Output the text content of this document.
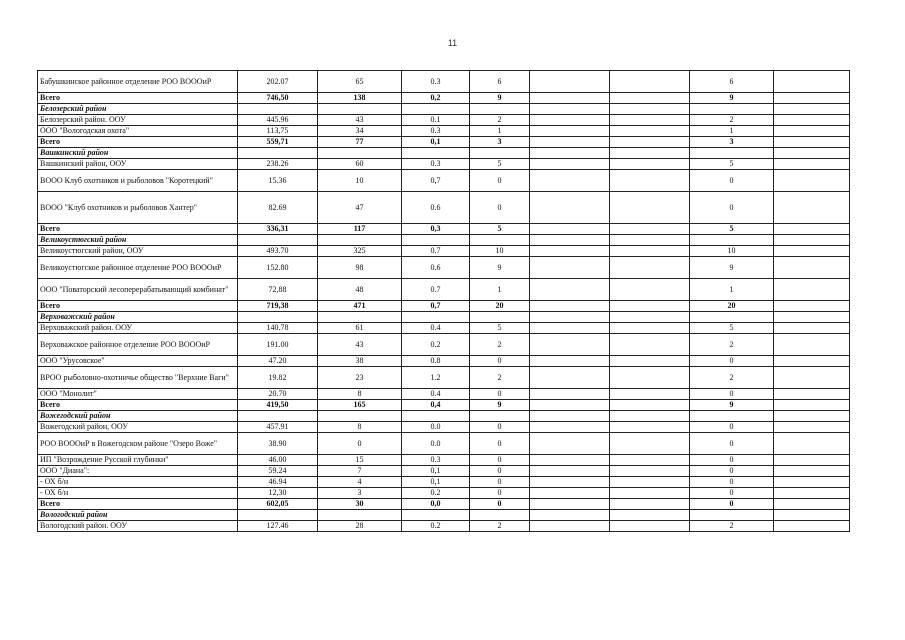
11
Бабушкинское районное отделение РОО ВОООиР	202.07	65	0.3	6			6	
Всего	746,50	138	0,2	9			9	
Белозерский район								
Белозерский район. ООУ	445.96	43	0.1	2			2	
ООО "Вологодская охота"	113,75	34	0.3	1			1	
Всего	559,71	77	0,1	3			3	
Вашкинский район								
Вашкинский район, ООУ	238.26	60	0.3	5			5	
ВООО Клуб охотников и рыболовов "Коротецкий"	15.36	10	0,7	0			0	
ВООО "Клуб охотников и рыболовов Хантер"	82.69	47	0.6	0			0	
Всего	336,31	117	0,3	5			5	
Великоустюгский район								
Великоустюгский район, ООУ	493.70	325	0.7	10			10	
Великоустюгское районное отделение РОО ВОООиР	152.80	98	0.6	9			9	
ООО "Поваторский лесоперерабатывающий комбинат"	72,88	48	0.7	1			1	
Всего	719,38	471	0,7	20			20	
Верховажский район								
Верховажский район. ООУ	140.78	61	0.4	5			5	
Верховажское районное отделение РОО ВОООиР	191.00	43	0.2	2			2	
ООО "Урусовское"	47.20	38	0.8	0			0	
ВРОО рыболовно-охотничье общество "Верхние Ваги"	19.82	23	1.2	2			2	
ООО "Монолит"	20.70	8	0.4	0			0	
Всего	419,50	165	0,4	9			9	
Вожегодский район								
Вожегодский район, ООУ	457.91	8	0.0	0			0	
РОО ВОООиР в Вожегодском районе "Озеро Воже"	38.90	0	0.0	0			0	
ИП "Возрождение Русской глубинки"	46.00	15	0.3	0			0	
ООО "Диана":	59.24	7	0,1	0			0	
- ОХ б/н	46.94	4	0,1	0			0	
- ОХ б/н	12,30	3	0.2	0			0	
Всего	602,05	30	0,0	0			0	
Вологодский район								
Вологодский район. ООУ	127.46	28	0.2	2			2	
